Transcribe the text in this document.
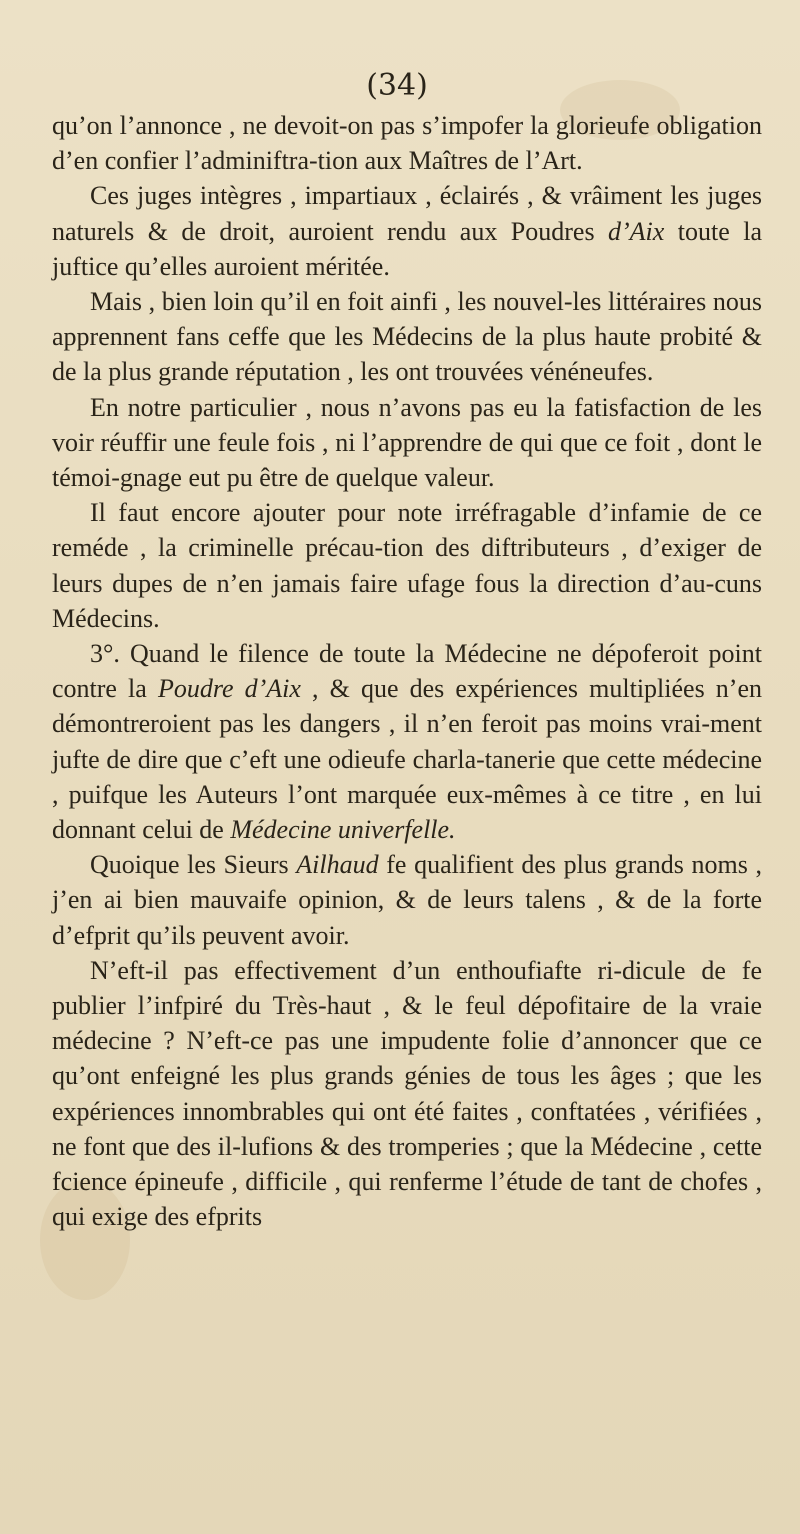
(34)

qu’on l’annonce , ne devoit-on pas s’impofer la glorieufe obligation d’en confier l’adminiftra-tion aux Maîtres de l’Art.

Ces juges intègres , impartiaux , éclairés , & vrâiment les juges naturels & de droit, auroient rendu aux Poudres d’Aix toute la juftice qu’elles auroient méritée.

Mais , bien loin qu’il en foit ainfi , les nouvel-les littéraires nous apprennent fans ceffe que les Médecins de la plus haute probité & de la plus grande réputation , les ont trouvées vénéneufes.

En notre particulier , nous n’avons pas eu la fatisfaction de les voir réuffir une feule fois , ni l’apprendre de qui que ce foit , dont le témoi-gnage eut pu être de quelque valeur.

Il faut encore ajouter pour note irréfragable d’infamie de ce reméde , la criminelle précau-tion des diftributeurs , d’exiger de leurs dupes de n’en jamais faire ufage fous la direction d’au-cuns Médecins.

3°. Quand le filence de toute la Médecine ne dépoferoit point contre la Poudre d’Aix , & que des expériences multipliées n’en démontreroient pas les dangers , il n’en feroit pas moins vrai-ment jufte de dire que c’eft une odieufe charla-tanerie que cette médecine , puifque les Auteurs l’ont marquée eux-mêmes à ce titre , en lui donnant celui de Médecine univerfelle.

Quoique les Sieurs Ailhaud fe qualifient des plus grands noms , j’en ai bien mauvaife opinion, & de leurs talens , & de la forte d’efprit qu’ils peuvent avoir.

N’eft-il pas effectivement d’un enthoufiafte ri-dicule de fe publier l’infpiré du Très-haut , & le feul dépofitaire de la vraie médecine ? N’eft-ce pas une impudente folie d’annoncer que ce qu’ont enfeigné les plus grands génies de tous les âges ; que les expériences innombrables qui ont été faites , conftatées , vérifiées , ne font que des il-lufions & des tromperies ; que la Médecine , cette fcience épineufe , difficile , qui renferme l’étude de tant de chofes , qui exige des efprits
